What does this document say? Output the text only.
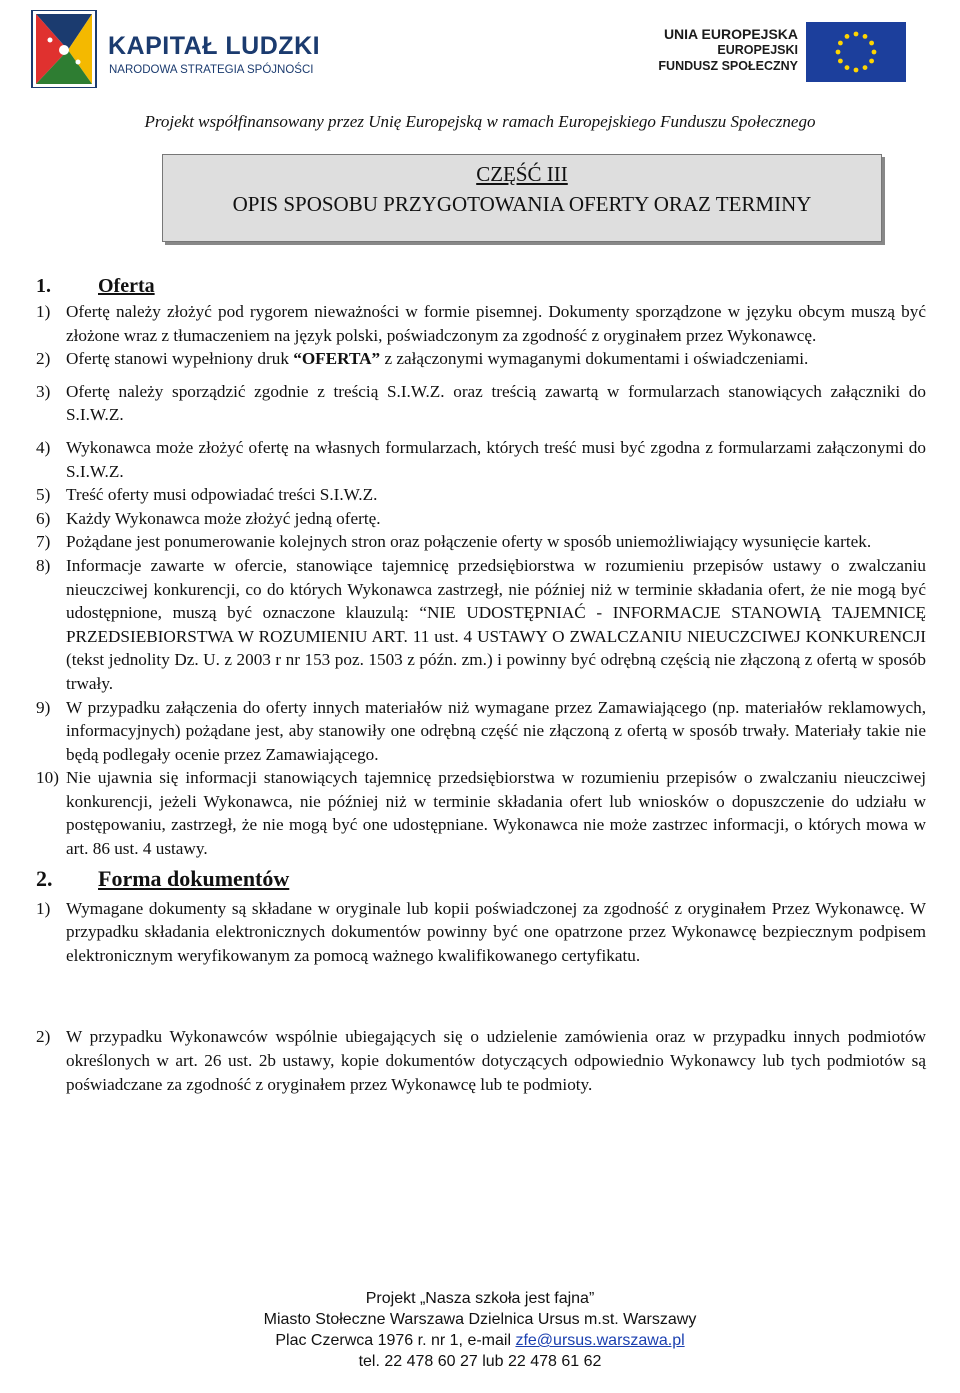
KAPITAŁ LUDZKI
NARODOWA STRATEGIA SPÓJNOŚCI
UNIA EUROPEJSKA
EUROPEJSKI
FUNDUSZ SPOŁECZNY
Projekt współfinansowany przez Unię Europejską w ramach Europejskiego Funduszu Społecznego
CZĘŚĆ III
OPIS SPOSOBU PRZYGOTOWANIA OFERTY ORAZ TERMINY
1. Oferta
1) Ofertę należy złożyć pod rygorem nieważności w formie pisemnej. Dokumenty sporządzone w języku obcym muszą być złożone wraz z tłumaczeniem na język polski, poświadczonym za zgodność z oryginałem przez Wykonawcę.
2) Ofertę stanowi wypełniony druk “OFERTA” z załączonymi wymaganymi dokumentami i oświadczeniami.
3) Ofertę należy sporządzić zgodnie z treścią S.I.W.Z. oraz treścią zawartą w formularzach stanowiących załączniki do S.I.W.Z.
4) Wykonawca może złożyć ofertę na własnych formularzach, których treść musi być zgodna z formularzami załączonymi do S.I.W.Z.
5) Treść oferty musi odpowiadać treści S.I.W.Z.
6) Każdy Wykonawca może złożyć jedną ofertę.
7) Pożądane jest ponumerowanie kolejnych stron oraz połączenie oferty w sposób uniemożliwiający wysunięcie kartek.
8) Informacje zawarte w ofercie, stanowiące tajemnicę przedsiębiorstwa w rozumieniu przepisów ustawy o zwalczaniu nieuczciwej konkurencji, co do których Wykonawca zastrzegł, nie później niż w terminie składania ofert, że nie mogą być udostępnione, muszą być oznaczone klauzulą: “NIE UDOSTĘPNIAĆ - INFORMACJE STANOWIĄ TAJEMNICĘ PRZEDSIEBIORSTWA W ROZUMIENIU ART. 11 ust. 4 USTAWY O ZWALCZANIU NIEUCZCIWEJ KONKURENCJI (tekst jednolity Dz. U. z 2003 r nr 153 poz. 1503 z późn. zm.) i powinny być odrębną częścią nie złączoną z ofertą w sposób trwały.
9) W przypadku załączenia do oferty innych materiałów niż wymagane przez Zamawiającego (np. materiałów reklamowych, informacyjnych) pożądane jest, aby stanowiły one odrębną część nie złączoną z ofertą w sposób trwały. Materiały takie nie będą podlegały ocenie przez Zamawiającego.
10) Nie ujawnia się informacji stanowiących tajemnicę przedsiębiorstwa w rozumieniu przepisów o zwalczaniu nieuczciwej konkurencji, jeżeli Wykonawca, nie później niż w terminie składania ofert lub wniosków o dopuszczenie do udziału w postępowaniu, zastrzegł, że nie mogą być one udostępniane. Wykonawca nie może zastrzec informacji, o których mowa w art. 86 ust. 4 ustawy.
2. Forma dokumentów
1) Wymagane dokumenty są składane w oryginale lub kopii poświadczonej za zgodność z oryginałem Przez Wykonawcę. W przypadku składania elektronicznych dokumentów powinny być one opatrzone przez Wykonawcę bezpiecznym podpisem elektronicznym weryfikowanym za pomocą ważnego kwalifikowanego certyfikatu.
2) W przypadku Wykonawców wspólnie ubiegających się o udzielenie zamówienia oraz w przypadku innych podmiotów określonych w art. 26 ust. 2b ustawy, kopie dokumentów dotyczących odpowiednio Wykonawcy lub tych podmiotów są poświadczane za zgodność z oryginałem przez Wykonawcę lub te podmioty.
Projekt „Nasza szkoła jest fajna”
Miasto Stołeczne Warszawa Dzielnica Ursus m.st. Warszawy
Plac Czerwca 1976 r. nr 1, e-mail zfe@ursus.warszawa.pl
tel. 22 478 60 27 lub 22 478 61 62
